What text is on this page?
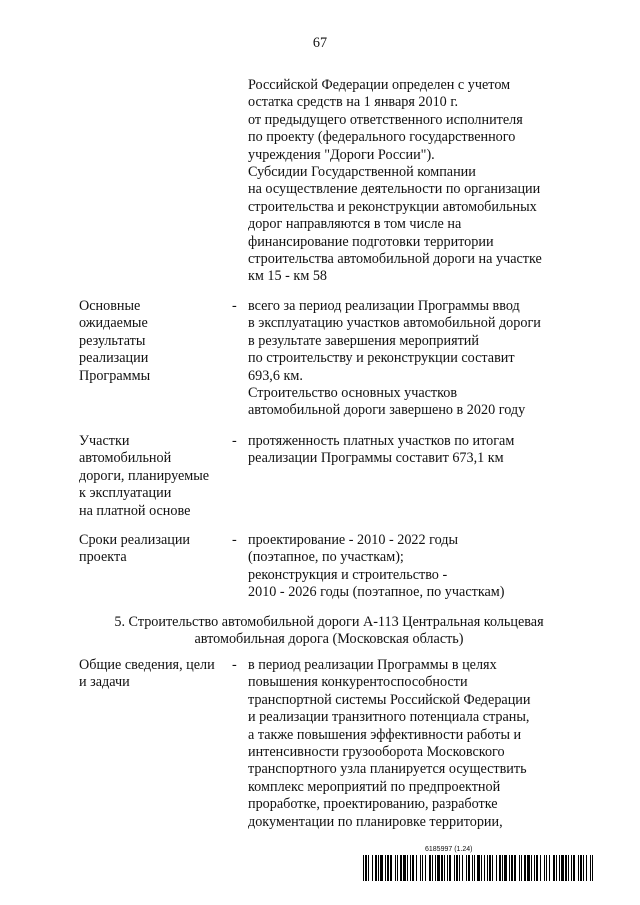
67
Российской Федерации определен с учетом
остатка средств на 1 января 2010 г.
от предыдущего ответственного исполнителя
по проекту (федерального государственного
учреждения "Дороги России").
Субсидии Государственной компании
на осуществление деятельности по организации
строительства и реконструкции автомобильных
дорог направляются в том числе на
финансирование подготовки территории
строительства автомобильной дороги на участке
км 15 - км 58
Основные
ожидаемые
результаты
реализации
Программы
- всего за период реализации Программы ввод
в эксплуатацию участков автомобильной дороги
в результате завершения мероприятий
по строительству и реконструкции составит
693,6 км.
Строительство основных участков
автомобильной дороги завершено в 2020 году
Участки
автомобильной
дороги, планируемые
к эксплуатации
на платной основе
- протяженность платных участков по итогам
реализации Программы составит 673,1 км
Сроки реализации
проекта
- проектирование - 2010 - 2022 годы
(поэтапное, по участкам);
реконструкция и строительство -
2010 - 2026 годы (поэтапное, по участкам)
5. Строительство автомобильной дороги А-113 Центральная кольцевая
автомобильная дорога (Московская область)
Общие сведения, цели
и задачи
- в период реализации Программы в целях
повышения конкурентоспособности
транспортной системы Российской Федерации
и реализации транзитного потенциала страны,
а также повышения эффективности работы и
интенсивности грузооборота Московского
транспортного узла планируется осуществить
комплекс мероприятий по предпроектной
проработке, проектированию, разработке
документации по планировке территории,
6185997 (1.24)
